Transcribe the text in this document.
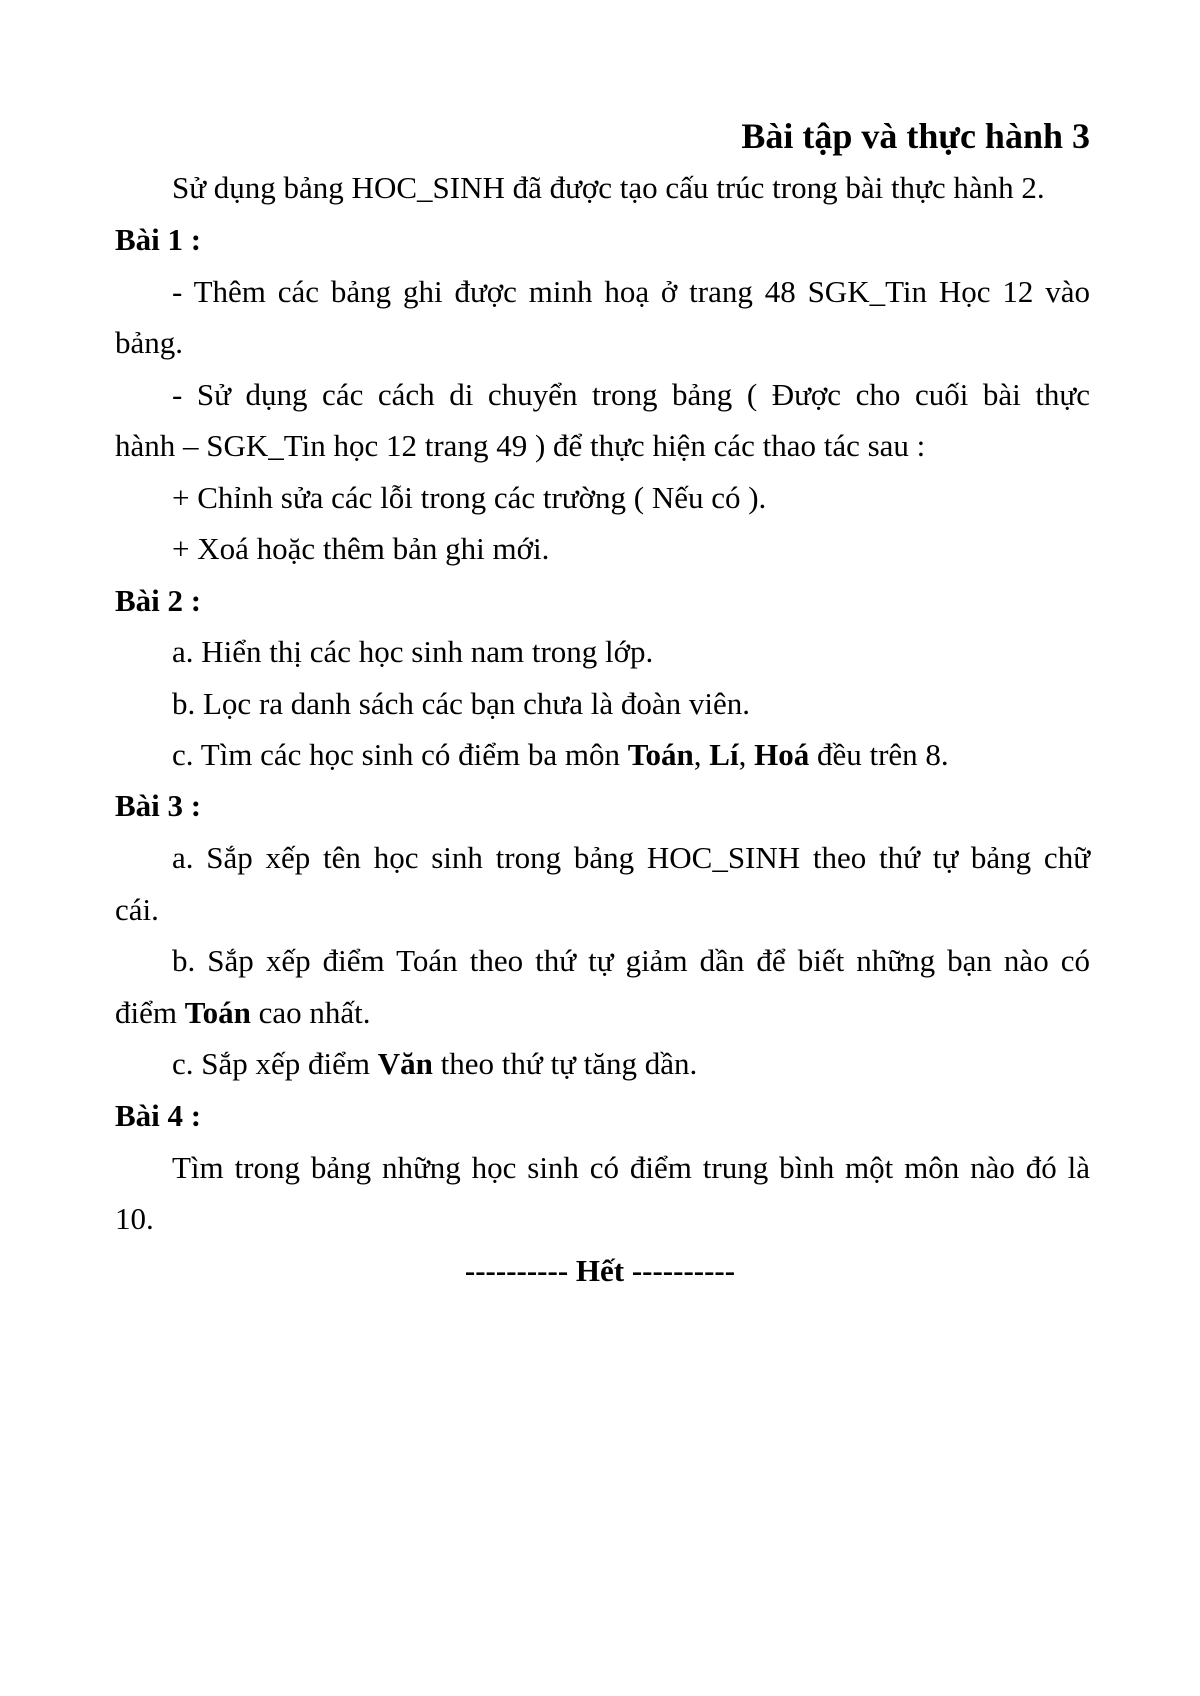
Bài tập và thực hành 3
Sử dụng bảng HOC_SINH đã được tạo cấu trúc trong bài thực hành 2.
Bài 1 :
- Thêm các bảng ghi được minh hoạ ở trang 48 SGK_Tin Học 12 vào
bảng.
- Sử dụng các cách di chuyển trong bảng ( Được cho cuối bài thực
hành – SGK_Tin học 12 trang 49 ) để thực hiện các thao tác sau :
+ Chỉnh sửa các lỗi trong các trường ( Nếu có ).
+ Xoá hoặc thêm bản ghi mới.
Bài 2 :
a. Hiển thị các học sinh nam trong lớp.
b. Lọc ra danh sách các bạn chưa là đoàn viên.
c. Tìm các học sinh có điểm ba môn Toán, Lí, Hoá đều trên 8.
Bài 3 :
a. Sắp xếp tên học sinh trong bảng HOC_SINH theo thứ tự bảng chữ
cái.
b. Sắp xếp điểm Toán theo thứ tự giảm dần để biết những bạn nào có
điểm Toán cao nhất.
c. Sắp xếp điểm Văn theo thứ tự tăng dần.
Bài 4 :
Tìm trong bảng những học sinh có điểm trung bình một môn nào đó là
10.
---------- Hết ----------
